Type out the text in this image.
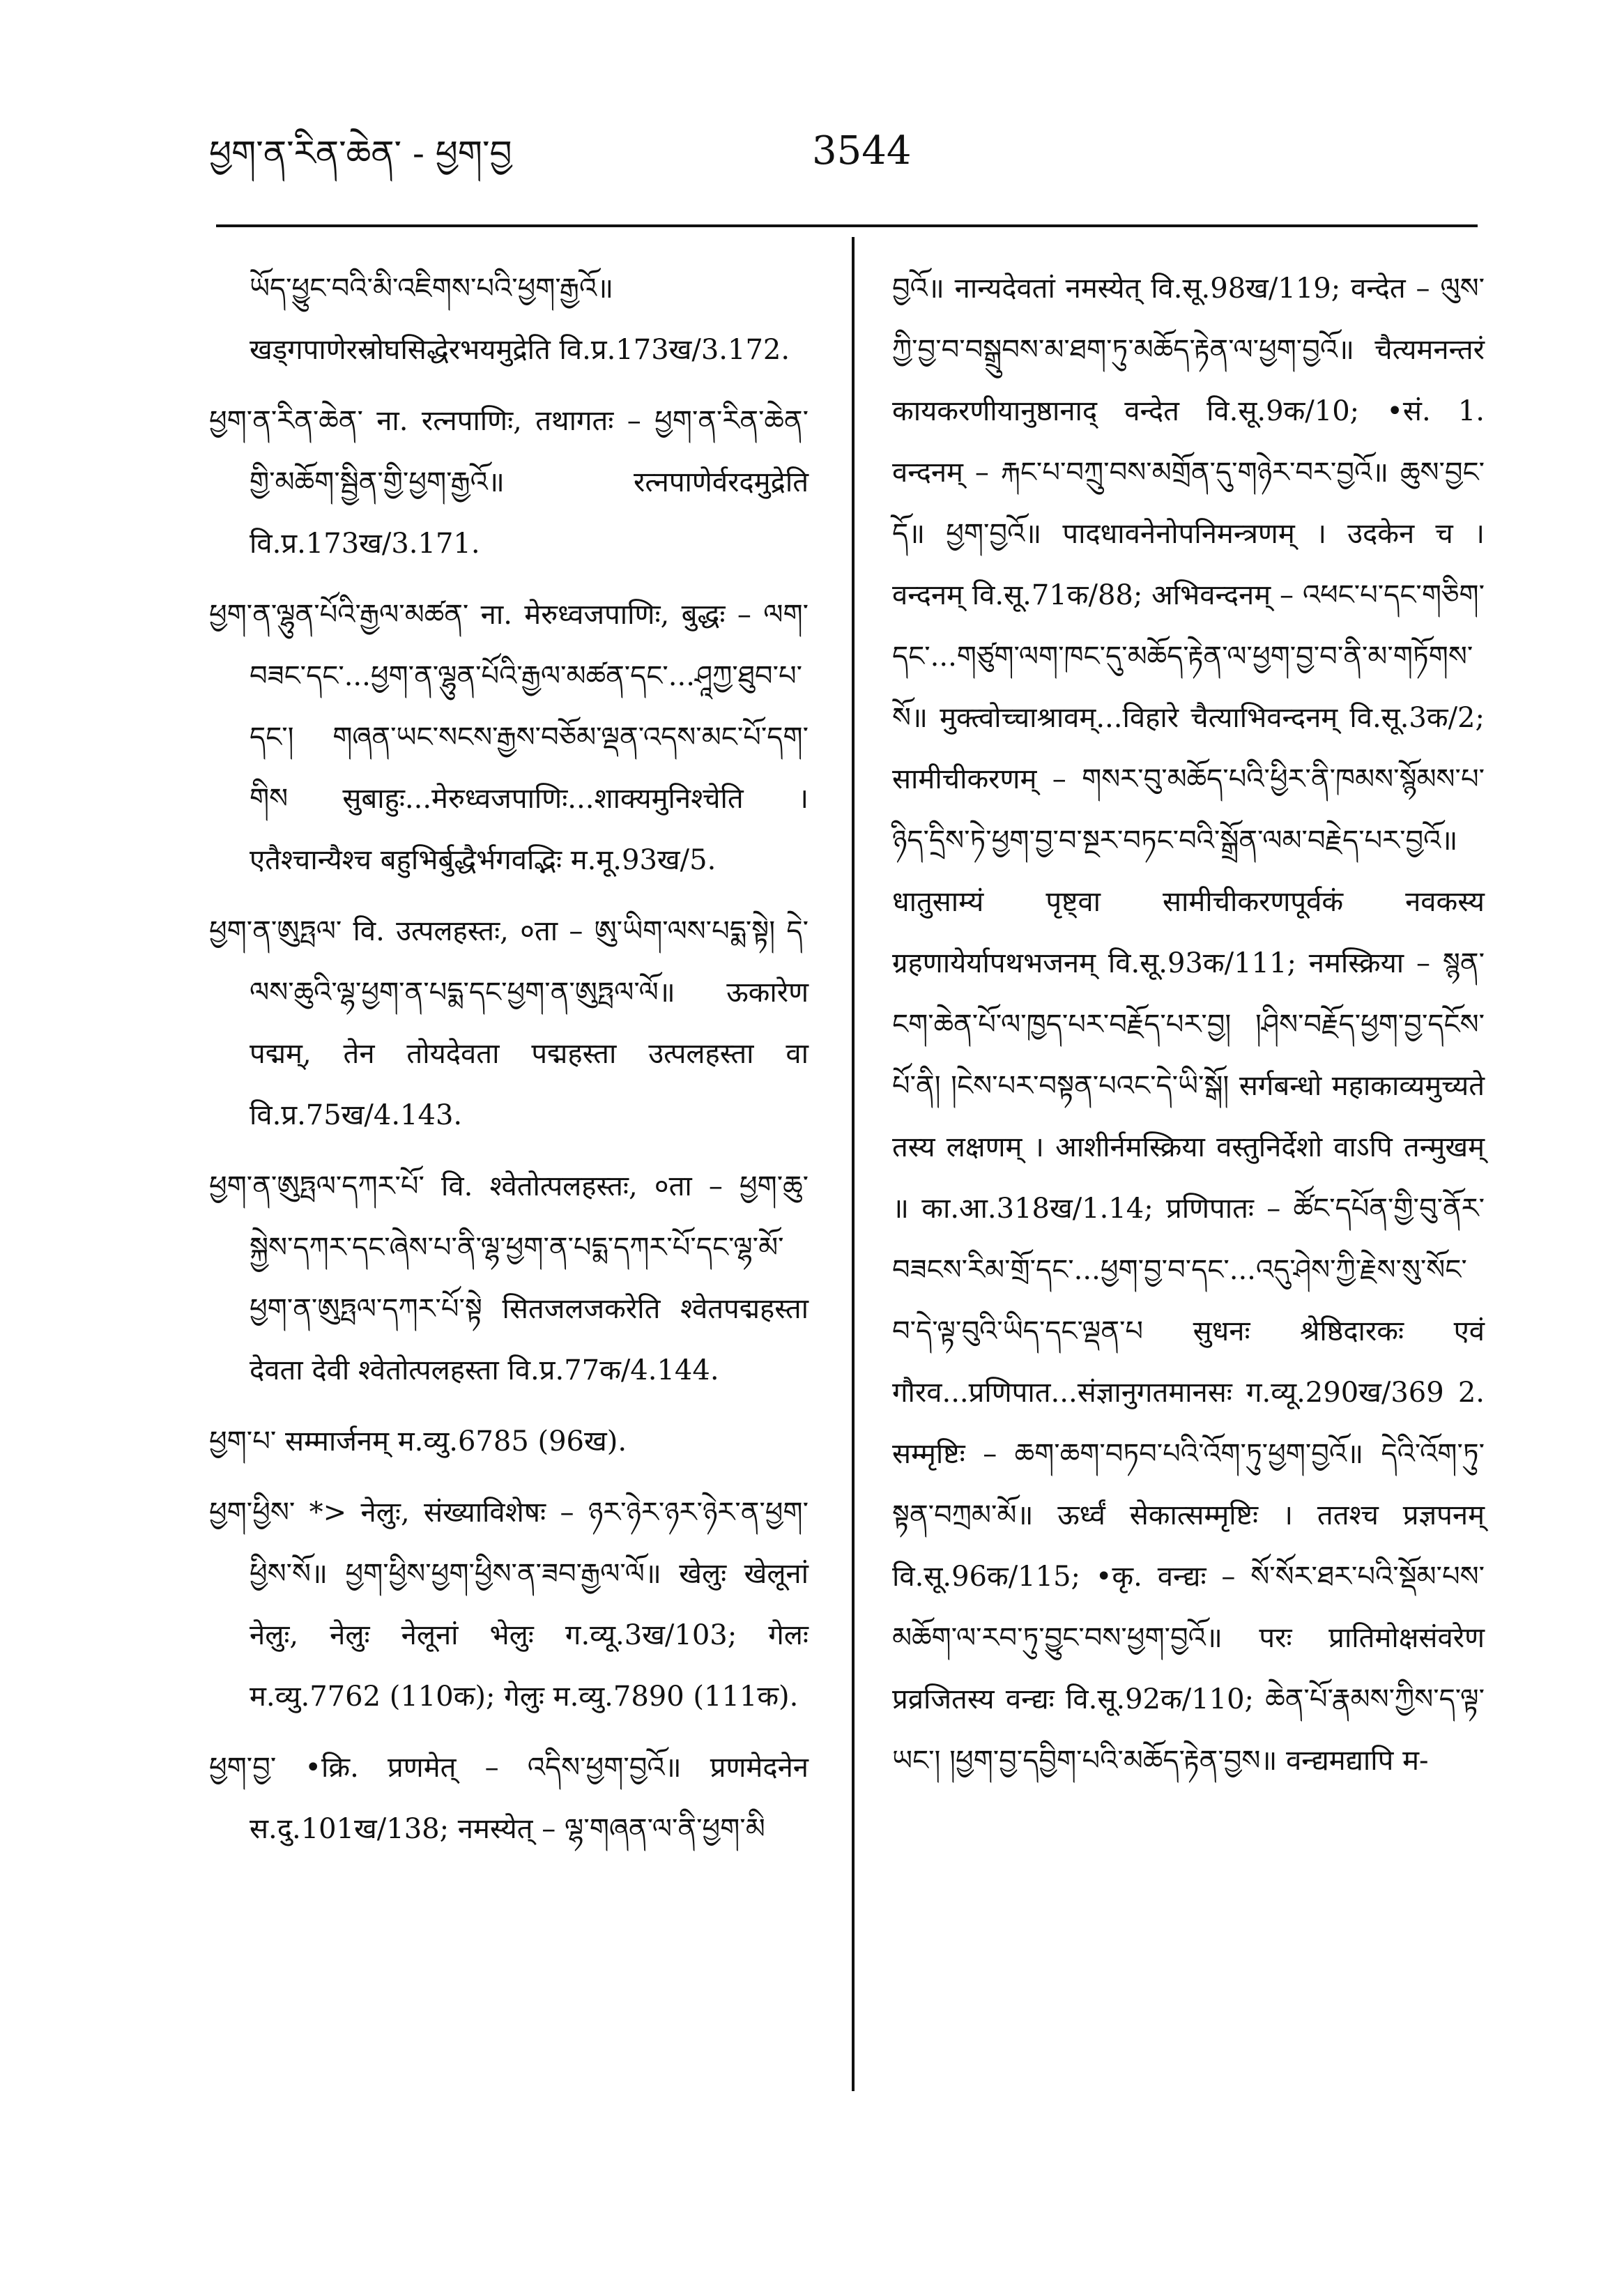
ཕྱག་ན་རིན་ཆེན་ - ཕྱག་བྱ	3544

ཡོད་ཕྱུང་བའི་མི་འཇིགས་པའི་ཕྱག་རྒྱའོ॥ खड्गपाणेरस्रोघसिद्धेरभयमुद्रेति वि.प्र.173ख/3.172.

ཕྱག་ན་རིན་ཆེན་ ना. रत्नपाणिः, तथागतः – ཕྱག་ན་རིན་ཆེན་གྱི་མཆོག་སྦྱིན་གྱི་ཕྱག་རྒྱའོ॥ रत्नपाणेर्वरदमुद्रेति वि.प्र.173ख/3.171.

ཕྱག་ན་ལྷུན་པོའི་རྒྱལ་མཚན་ ना. मेरुध्वजपाणिः, बुद्धः – ལག་བཟང་དང་...ཕྱག་ན་ལྷུན་པོའི་རྒྱལ་མཚན་དང་...ཤཱཀྱ་ཐུབ་པ་དང་། གཞན་ཡང་སངས་རྒྱས་བཅོམ་ལྡན་འདས་མང་པོ་དག་གིས सुबाहुः...मेरुध्वजपाणिः...शाक्यमुनिश्चेति । एतैश्चान्यैश्च बहुभिर्बुद्धैर्भगवद्भिः म.मू.93ख/5.

ཕྱག་ན་ཨུཏྤལ་ वि. उत्पलहस्तः, ०ता – ཨུ་ཡིག་ལས་པདྨ་སྟེ། དེ་ལས་ཆུའི་ལྷ་ཕྱག་ན་པདྨ་དང་ཕྱག་ན་ཨུཏྤལ་ལོ॥ ऊकारेण पद्मम्, तेन तोयदेवता पद्महस्ता उत्पलहस्ता वा वि.प्र.75ख/4.143.

ཕྱག་ན་ཨུཏྤལ་དཀར་པོ་ वि. श्वेतोत्पलहस्तः, ०ता – ཕྱག་ཆུ་སྐྱེས་དཀར་དང་ཞེས་པ་ནི་ལྷ་ཕྱག་ན་པདྨ་དཀར་པོ་དང་ལྷ་མོ་ཕྱག་ན་ཨུཏྤལ་དཀར་པོ་སྟེ सितजलजकरेति श्वेतपद्महस्ता देवता देवी श्वेतोत्पलहस्ता वि.प्र.77क/4.144.

ཕྱག་པ་ सम्मार्जनम् म.व्यु.6785 (96ख).

ཕྱག་ཕྱིས་ *> नेलुः, संख्याविशेषः – ཉར་ཉེར་ཉར་ཉེར་ན་ཕྱག་ཕྱིས་སོ॥ ཕྱག་ཕྱིས་ཕྱག་ཕྱིས་ན་ཟབ་རྒྱལ་ལོ॥ खेलुः खेलूनां नेलुः, नेलुः नेलूनां भेलुः ग.व्यू.3ख/103; गेलः म.व्यु.7762 (110क); गेलुः म.व्यु.7890 (111क).

ཕྱག་བྱ་ •क्रि. प्रणमेत् – འདིས་ཕྱག་བྱའོ॥ प्रणमेदनेन स.दु.101ख/138; नमस्येत् – ལྷ་གཞན་ལ་ནི་ཕྱག་མི

བྱའོ॥ नान्यदेवतां नमस्येत् वि.सू.98ख/119; वन्देत – ལུས་ཀྱི་བྱ་བ་བསྒྲུབས་མ་ཐག་ཏུ་མཆོད་རྟེན་ལ་ཕྱག་བྱའོ॥ चैत्यमनन्तरं कायकरणीयानुष्ठानाद् वन्देत वि.सू.9क/10; •सं. 1. वन्दनम् – རྐང་པ་བཀྲུ་བས་མགྲོན་དུ་གཉེར་བར་བྱའོ॥ ཆུས་བྱང་དོ॥ ཕྱག་བྱའོ॥ पादधावनेनोपनिमन्त्रणम् । उदकेन च । वन्दनम् वि.सू.71क/88; अभिवन्दनम् – འཕང་པ་དང་གཅིག་དང་...གཙུག་ལག་ཁང་དུ་མཆོད་རྟེན་ལ་ཕྱག་བྱ་བ་ནི་མ་གཏོགས་སོ॥ मुक्त्वोच्चाश्रावम्...विहारे चैत्याभिवन्दनम् वि.सू.3क/2; सामीचीकरणम् – གསར་བུ་མཆོད་པའི་ཕྱིར་ནི་ཁམས་སྙོམས་པ་ཉིད་དྲིས་ཏེ་ཕྱག་བྱ་བ་སྔར་བཏང་བའི་སྒྲོན་ལམ་བརྗེད་པར་བྱའོ॥ धातुसाम्यं पृष्ट्वा सामीचीकरणपूर्वकं नवकस्य ग्रहणायेर्यापथभजनम् वि.सू.93क/111; नमस्क्रिया – སྙན་ངག་ཆེན་པོ་ལ་ཁྱད་པར་བརྗོད་པར་བྱ། །ཤིས་བརྗོད་ཕྱག་བྱ་དངོས་པོ་ནི། །ངེས་པར་བསྟན་པའང་དེ་ཡི་སྒོ། सर्गबन्धो महाकाव्यमुच्यते तस्य लक्षणम् । आशीर्नमस्क्रिया वस्तुनिर्देशो वाऽपि तन्मुखम् ॥ का.आ.318ख/1.14; प्रणिपातः – ཚོང་དཔོན་གྱི་བུ་ནོར་བཟངས་རིམ་གྲོ་དང་...ཕྱག་བྱ་བ་དང་...འདུ་ཤེས་ཀྱི་རྗེས་སུ་སོང་བ་དེ་ལྟ་བུའི་ཡིད་དང་ལྡན་པ सुधनः श्रेष्ठिदारकः एवं गौरव...प्रणिपात...संज्ञानुगतमानसः ग.व्यू.290ख/369 2. सम्मृष्टिः – ཆག་ཆག་བཏབ་པའི་འོག་ཏུ་ཕྱག་བྱའོ॥ དེའི་འོག་ཏུ་སྟན་བཀྲམ་མོ॥ ऊर्ध्वं सेकात्सम्मृष्टिः । ततश्च प्रज्ञपनम् वि.सू.96क/115; •कृ. वन्द्यः – སོ་སོར་ཐར་པའི་སྡོམ་པས་མཆོག་ལ་རབ་ཏུ་བྱུང་བས་ཕྱག་བྱའོ॥ परः प्रातिमोक्षसंवरेण प्रव्रजितस्य वन्द्यः वि.सू.92क/110; ཆེན་པོ་རྣམས་ཀྱིས་ད་ལྟ་ཡང་། །ཕྱག་བྱ་དབྱིག་པའི་མཆོད་རྟེན་བྱས॥ वन्द्यमद्यापि म-
